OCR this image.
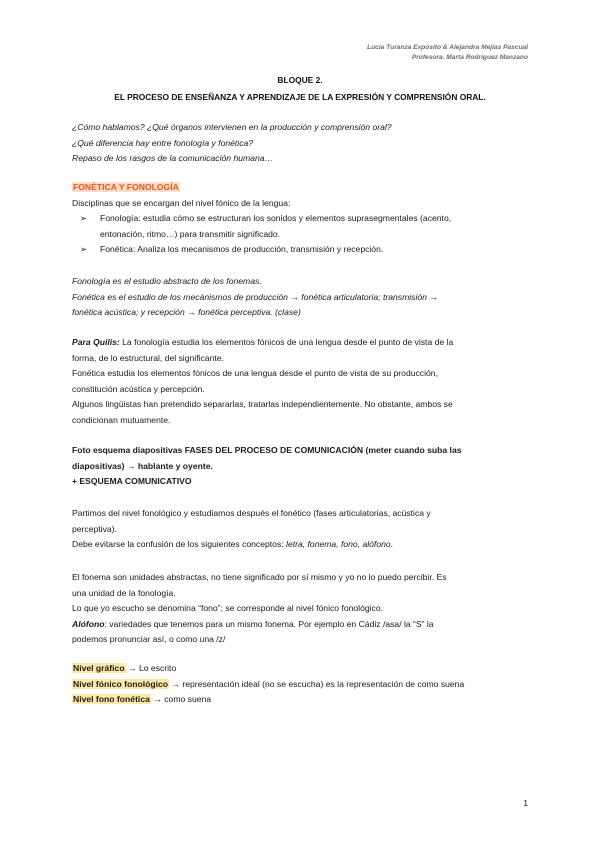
Lucía Turanza Expósito & Alejandra Mejías Pascual
Profesora. Marta Rodríguez Manzano
BLOQUE 2.
EL PROCESO DE ENSEÑANZA Y APRENDIZAJE DE LA EXPRESIÓN Y COMPRENSIÓN ORAL.
¿Cómo hablamos? ¿Qué órganos intervienen en la producción y comprensión oral?
¿Qué diferencia hay entre fonología y fonética?
Repaso de los rasgos de la comunicación humana…
FONÉTICA Y FONOLOGÍA
Disciplinas que se encargan del nivel fónico de la lengua:
➢ Fonología: estudia cómo se estructuran los sonidos y elementos suprasegmentales (acento,
entonación, ritmo…) para transmitir significado.
➢ Fonética: Analiza los mecanismos de producción, transmisión y recepción.
Fonología es el estudio abstracto de los fonemas.
Fonética es el estudio de los mecánismos de producción → fonética articulatoria; transmisión →
fonética acústica; y recepción → fonética perceptiva. (clase)
Para Quilis: La fonología estudia los elementos fónicos de una lengua desde el punto de vista de la
forma, de lo estructural, del significante.
Fonética estudia los elementos fónicos de una lengua desde el punto de vista de su producción,
constitución acústica y percepción.
Algunos lingüistas han pretendido separarlas, tratarlas independientemente. No obstante, ambos se
condicionan mutuamente.
Foto esquema diapositivas FASES DEL PROCESO DE COMUNICACIÓN (meter cuando suba las
diapositivas) → hablante y oyente.
+ ESQUEMA COMUNICATIVO
Partimos del nivel fonológico y estudiamos después el fonético (fases articulatorias, acústica y
perceptiva).
Debe evitarse la confusión de los siguientes conceptos: letra, fonema, fono, alófono.
El fonema son unidades abstractas, no tiene significado por sí mismo y yo no lo puedo percibir. Es
una unidad de la fonología.
Lo que yo escucho se denomina “fono”; se corresponde al nivel fónico fonológico.
Alófono: variedades que tenemos para un mismo fonema. Por ejemplo en Cádiz /asa/ la “S” la
podemos pronunciar así, o como una /z/
Nivel gráfico → Lo escrito
Nivel fónico fonológico → representación ideal (no se escucha) es la representación de como suena
Nivel fono fonética → como suena
1
